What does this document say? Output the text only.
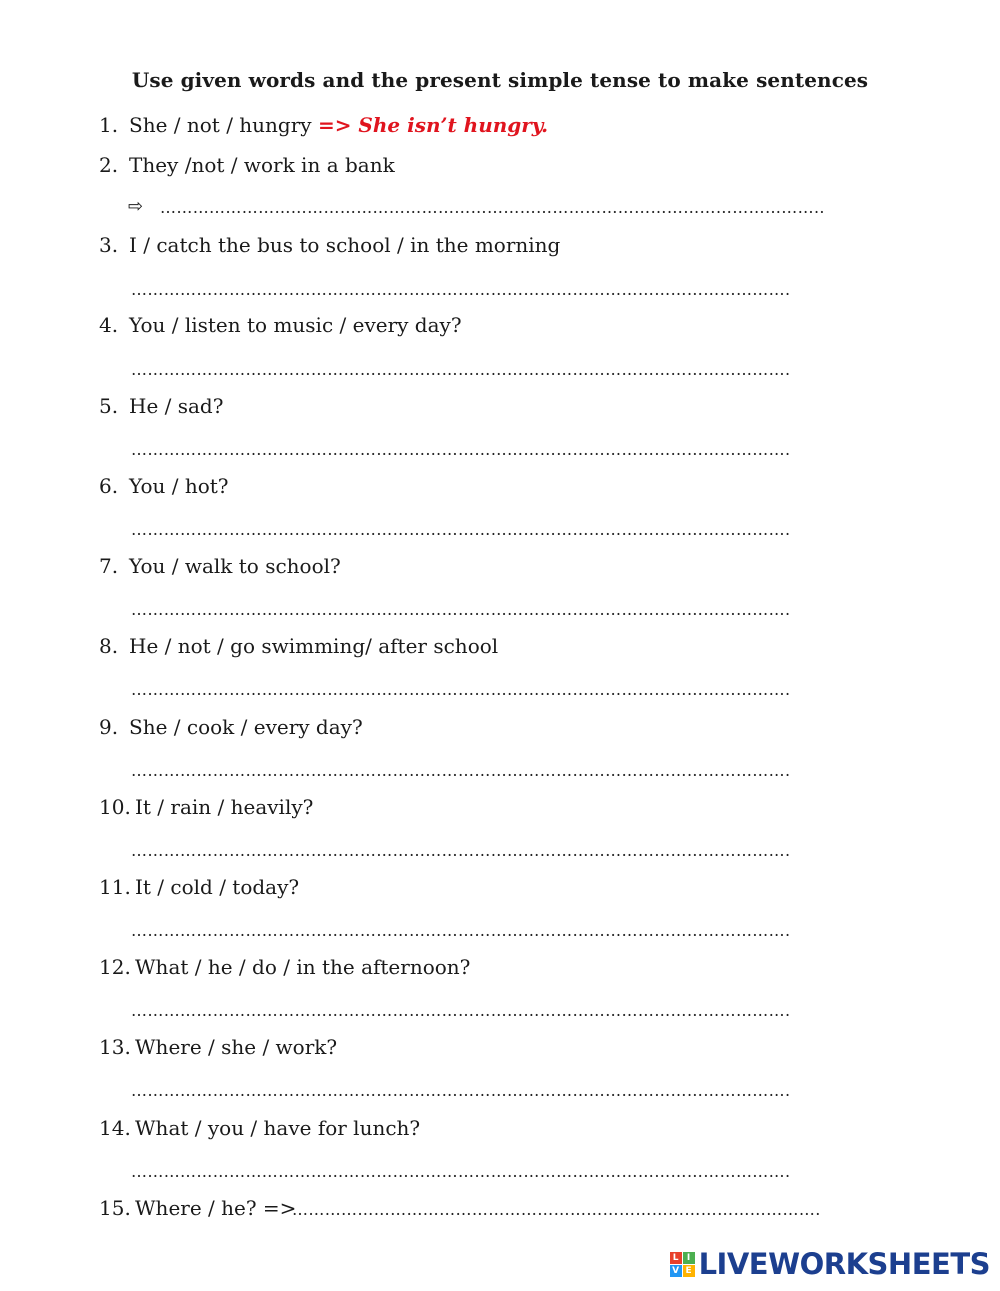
Use given words and the present simple tense to make sentences
1. She / not / hungry => She isn’t hungry.
2. They /not / work in a bank
⇨ …………………………………………………………………………………………………………..
3. I / catch the bus to school / in the morning
………………………………………………………………………………………………………….
4. You / listen to music / every day?
………………………………………………………………………………………………………….
5. He / sad?
………………………………………………………………………………………………………….
6. You / hot?
………………………………………………………………………………………………………….
7. You / walk to school?
………………………………………………………………………………………………………….
8. He / not / go swimming/ after school
………………………………………………………………………………………………………….
9. She / cook / every day?
………………………………………………………………………………………………………….
10. It / rain / heavily?
………………………………………………………………………………………………………….
11. It / cold / today?
………………………………………………………………………………………………………….
12. What / he / do / in the afternoon?
………………………………………………………………………………………………………….
13. Where / she / work?
………………………………………………………………………………………………………….
14. What / you / have for lunch?
………………………………………………………………………………………………………….
15. Where / he? =>
…………………………………………………………………………………….
L I
V E LIVEWORKSHEETS
